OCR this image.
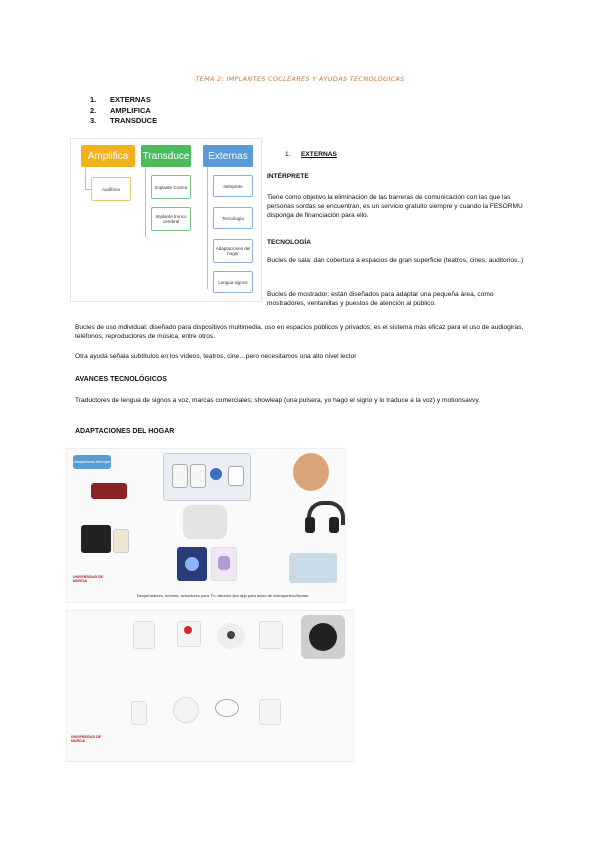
TEMA 2: IMPLANTES COCLEARES Y AYUDAS TECNOLÓGICAS
1. EXTERNAS
2. AMPLIFICA
3. TRANSDUCE
Amplifica	Transduce	Externas
Audífono	Implante Coclea
Implante tronco cerebral
Intérprete
Tecnología
Adaptaciones del hogar
Lengua signos
1. EXTERNAS
INTÉRPRETE
Tiene como objetivo la eliminación de las barreras de comunicación con las que las personas sordas se encuentran, es un servicio gratuito siempre y cuando la FESORMU disponga de financiación para ello.
TECNOLOGÍA
Bucles de sala: dan cobertura a espacios de gran superficie (teatros, cines, auditorios..)
Bucles de mostrador: están diseñados para adaptar una pequeña área, como mostradores, ventanillas y puestos de atención al público.
Bucles de uso individual: diseñado para dispositivos multimedia, uso en espacios públicos y privados; es el sistema más eficaz para el uso de audiogiras, teléfonos, reproductores de música, entre otros.
Otra ayuda señala subtítulos en los vídeos, teatros, cine…pero necesitamos una alto nivel lector
AVANCES TECNOLÓGICOS
Traductores de lengua de signos a voz, marcas comerciales; showleap (una pulsera, yo hago el signo y lo traduce a la voz) y motionsavvy.
ADAPTACIONES DEL HOGAR
Adaptaciones del hogar
UNIVERSIDAD DE MURCIA
Despertadores, timbres, avisadores para TV, vibrador tipo app para aviso de vídeoportero/llamas.
UNIVERSIDAD DE MURCIA
